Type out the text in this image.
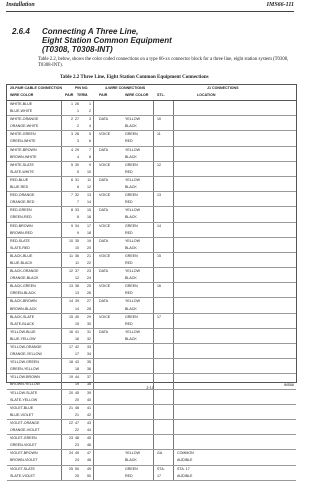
Installation	IMS66-111
2.6.4 Connecting A Three Line,
Eight Station Common Equipment
(T0308, T0308-INT)
Table 2.2, below, shows the color coded connections on a type 66-xx connector block for a three line, eight station system (T0308, T0308-INT).
Table 2.2 Three Line, Eight Station Common Equipment Connections
25-PAIR CABLE CONNECTION	4-WIRE CONNECTIONS	J1 CONNECTIONS
WIRE COLOR	PAIR
PIN NO.
TERM.	PAIR	WIRE COLOR STL.	LOCATION
WHITE-BLUE	1 26	1
BLUE-WHITE	1	2
WHITE-ORANGE	2 27	3 DATA	YELLOW	10
ORANGE-WHITE	2	4	BLACK
WHITE-GREEN	3 28	5 VOICE	GREEN	11
GREEN-WHITE	3	6	RED
WHITE-BROWN	4 29	7 DATA	YELLOW
BROWN-WHITE	4	8	BLACK
WHITE-SLATE	5 30	9 VOICE	GREEN	12
SLATE-WHITE	5	10	RED
RED-BLUE	6 31	11 DATA	YELLOW
BLUE-RED	6	12	BLACK
RED-ORANGE	7 32	13 VOICE	GREEN	13
ORANGE-RED	7	14	RED
RED-GREEN	8 33	15 DATA	YELLOW
GREEN-RED	8	16	BLACK
RED-BROWN	9 34	17 VOICE	GREEN	14
BROWN-RED	9	18	RED
RED-SLATE	10 35	19 DATA	YELLOW
SLATE-RED	10	20	BLACK
BLACK-BLUE	11 36	21 VOICE	GREEN	15
BLUE-BLACK	11	22	RED
BLACK-ORANGE	12 37	23 DATA	YELLOW
ORANGE-BLACK	12	24	BLACK
BLACK-GREEN	13 38	25 VOICE	GREEN	16
GREEN-BLACK	13	26	RED
BLACK-BROWN	14 39	27 DATA	YELLOW
BROWN-BLACK	14	28	BLACK
BLACK-SLATE	15 40	29 VOICE	GREEN	17
SLATE-BLACK	15	30	RED
YELLOW-BLUE	16 41	31 DATA	YELLOW
BLUE-YELLOW	16	32	BLACK
YELLOW-ORANGE	17 42	33
ORANGE-YELLOW	17	34
YELLOW-GREEN	18 43	35
GREEN-YELLOW	18	36
YELLOW-BROWN	19 44	37
BROWN-YELLOW	19	38
YELLOW-SLATE	20 45	39
SLATE-YELLOW	20	40
VIOLET-BLUE	21 46	41
BLUE-VIOLET	21	42
VIOLET-ORANGE	22 47	43
ORANGE-VIOLET	22	44
VIOLET-GREEN	23 48	45
GREEN-VIOLET	23	46
VIOLET-BROWN	24 49	47	YELLOW	GA	COMMON
BROWN-VIOLET	24	48	BLACK	AUDIBLE
VIOLET-SLATE	25 50	49	GREEN	STA.	STA. 17
SLATE-VIOLET	25	50	RED	17	AUDIBLE
IMS66
2-14
